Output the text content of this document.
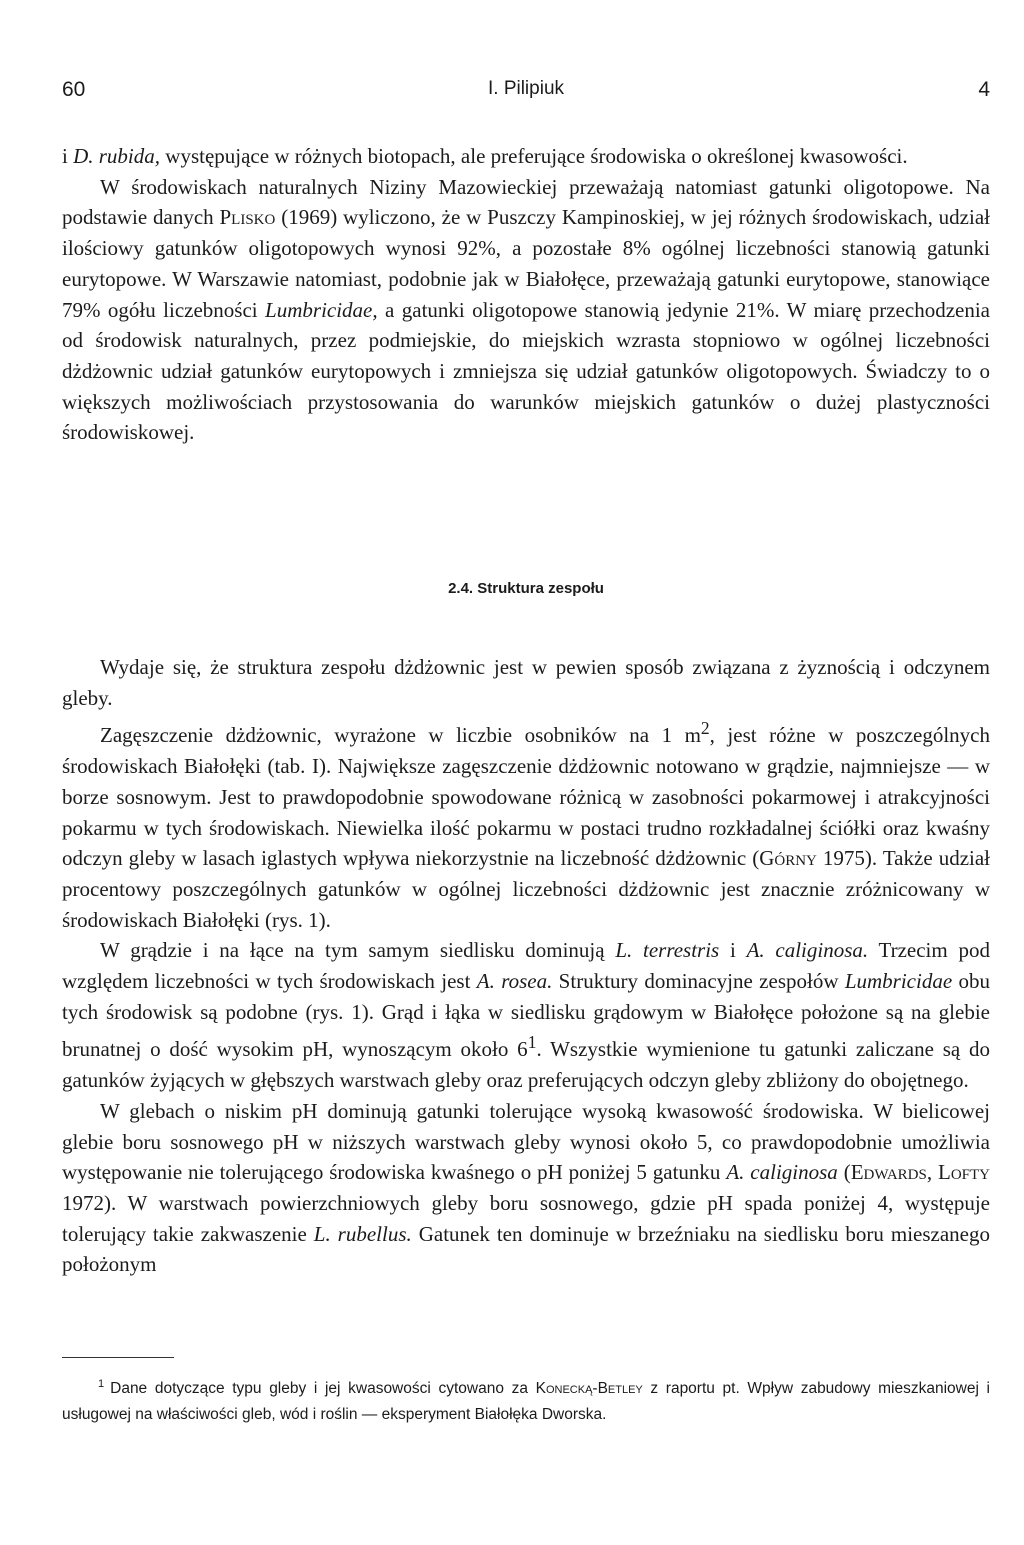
60	I. Pilipiuk	4

i D. rubida, występujące w różnych biotopach, ale preferujące środowiska o określonej kwasowości.

W środowiskach naturalnych Niziny Mazowieckiej przeważają natomiast gatunki oligotopowe. Na podstawie danych Plisko (1969) wyliczono, że w Puszczy Kampinoskiej, w jej różnych środowiskach, udział ilościowy gatunków oligotopowych wynosi 92%, a pozostałe 8% ogólnej liczebności stanowią gatunki eurytopowe. W Warszawie natomiast, podobnie jak w Białołęce, przeważają gatunki eurytopowe, stanowiące 79% ogółu liczebności Lumbricidae, a gatunki oligotopowe stanowią jedynie 21%. W miarę przechodzenia od środowisk naturalnych, przez podmiejskie, do miejskich wzrasta stopniowo w ogólnej liczebności dżdżownic udział gatunków eurytopowych i zmniejsza się udział gatunków oligotopowych. Świadczy to o większych możliwościach przystosowania do warunków miejskich gatunków o dużej plastyczności środowiskowej.

2.4. Struktura zespołu

Wydaje się, że struktura zespołu dżdżownic jest w pewien sposób związana z żyznością i odczynem gleby.

Zagęszczenie dżdżownic, wyrażone w liczbie osobników na 1 $m^2$, jest różne w poszczególnych środowiskach Białołęki (tab. I). Największe zagęszczenie dżdżownic notowano w grądzie, najmniejsze — w borze sosnowym. Jest to prawdopodobnie spowodowane różnicą w zasobności pokarmowej i atrakcyjności pokarmu w tych środowiskach. Niewielka ilość pokarmu w postaci trudno rozkładalnej ściółki oraz kwaśny odczyn gleby w lasach iglastych wpływa niekorzystnie na liczebność dżdżownic (Górny 1975). Także udział procentowy poszczególnych gatunków w ogólnej liczebności dżdżownic jest znacznie zróżnicowany w środowiskach Białołęki (rys. 1).

W grądzie i na łące na tym samym siedlisku dominują L. terrestris i A. caliginosa. Trzecim pod względem liczebności w tych środowiskach jest A. rosea. Struktury dominacyjne zespołów Lumbricidae obu tych środowisk są podobne (rys. 1). Grąd i łąka w siedlisku grądowym w Białołęce położone są na glebie brunatnej o dość wysokim pH, wynoszącym około $6^1$. Wszystkie wymienione tu gatunki zaliczane są do gatunków żyjących w głębszych warstwach gleby oraz preferujących odczyn gleby zbliżony do obojętnego.

W glebach o niskim pH dominują gatunki tolerujące wysoką kwasowość środowiska. W bielicowej glebie boru sosnowego pH w niższych warstwach gleby wynosi około 5, co prawdopodobnie umożliwia występowanie nie tolerującego środowiska kwaśnego o pH poniżej 5 gatunku A. caliginosa (Edwards, Lofty 1972). W warstwach powierzchniowych gleby boru sosnowego, gdzie pH spada poniżej 4, występuje tolerujący takie zakwaszenie L. rubellus. Gatunek ten dominuje w brzeźniaku na siedlisku boru mieszanego położonym

$^1$ Dane dotyczące typu gleby i jej kwasowości cytowano za Konecką-Betley z raportu pt. Wpływ zabudowy mieszkaniowej i usługowej na właściwości gleb, wód i roślin — eksperyment Białołęka Dworska.
